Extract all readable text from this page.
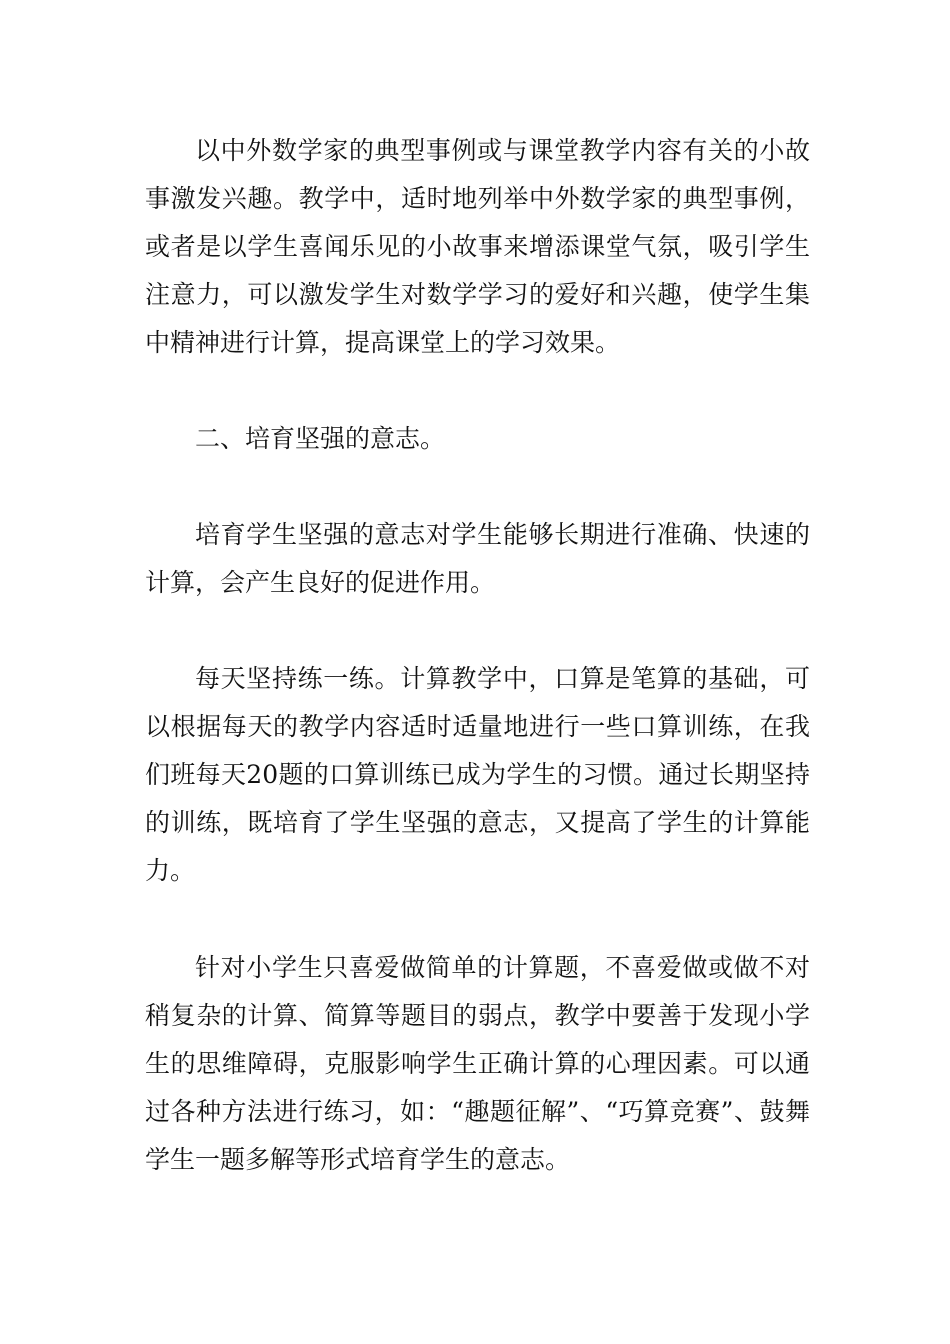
以中外数学家的典型事例或与课堂教学内容有关的小故事激发兴趣。教学中，适时地列举中外数学家的典型事例，或者是以学生喜闻乐见的小故事来增添课堂气氛，吸引学生注意力，可以激发学生对数学学习的爱好和兴趣，使学生集中精神进行计算，提高课堂上的学习效果。

二、培育坚强的意志。

培育学生坚强的意志对学生能够长期进行准确、快速的计算，会产生良好的促进作用。

每天坚持练一练。计算教学中，口算是笔算的基础，可以根据每天的教学内容适时适量地进行一些口算训练，在我们班每天20题的口算训练已成为学生的习惯。通过长期坚持的训练，既培育了学生坚强的意志，又提高了学生的计算能力。

针对小学生只喜爱做简单的计算题，不喜爱做或做不对稍复杂的计算、简算等题目的弱点，教学中要善于发现小学生的思维障碍，克服影响学生正确计算的心理因素。可以通过各种方法进行练习，如：“趣题征解”、“巧算竞赛”、鼓舞学生一题多解等形式培育学生的意志。
